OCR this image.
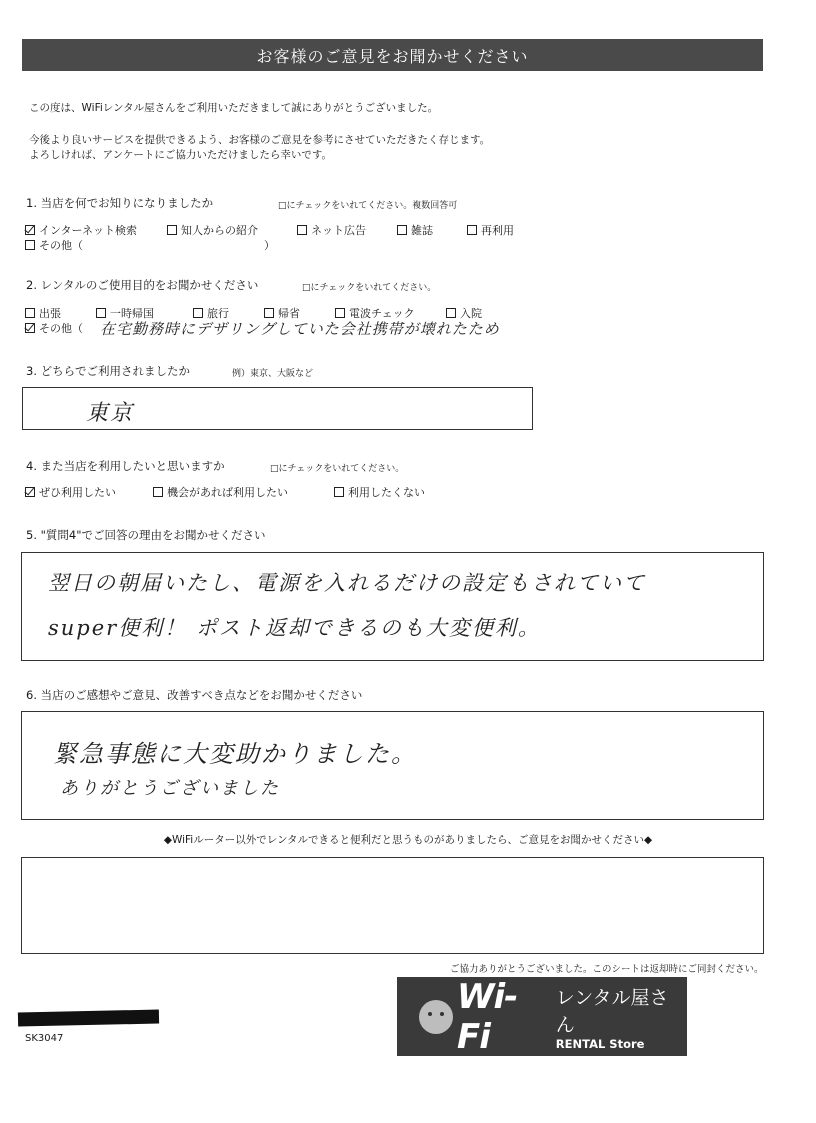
お客様のご意見をお聞かせください
この度は、WiFiレンタル屋さんをご利用いただきまして誠にありがとうございました。
今後より良いサービスを提供できるよう、お客様のご意見を参考にさせていただきたく存じます。
よろしければ、アンケートにご協力いただけましたら幸いです。
1. 当店を何でお知りになりましたか	□にチェックをいれてください。複数回答可
インターネット検索	知人からの紹介	ネット広告	雑誌	再利用
その他（	）
2. レンタルのご使用目的をお聞かせください	□にチェックをいれてください。
出張	一時帰国	旅行	帰省	電波チェック	入院
その他（ 在宅勤務時にデザリングしていた会社携帯が壊れたため
3. どちらでご利用されましたか	例）東京、大阪など
東京
4. また当店を利用したいと思いますか	□にチェックをいれてください。
ぜひ利用したい	機会があれば利用したい	利用したくない
5. "質問4"でご回答の理由をお聞かせください
翌日の朝届いたし、電源を入れるだけの設定もされていて
super便利！ ポスト返却できるのも大変便利。
6. 当店のご感想やご意見、改善すべき点などをお聞かせください
緊急事態に大変助かりました。
ありがとうございました
◆WiFiルーター以外でレンタルできると便利だと思うものがありましたら、ご意見をお聞かせください◆
ご協力ありがとうございました。このシートは返却時にご同封ください。
SK3047
Wi-Fi
レンタル屋さん
RENTAL Store
